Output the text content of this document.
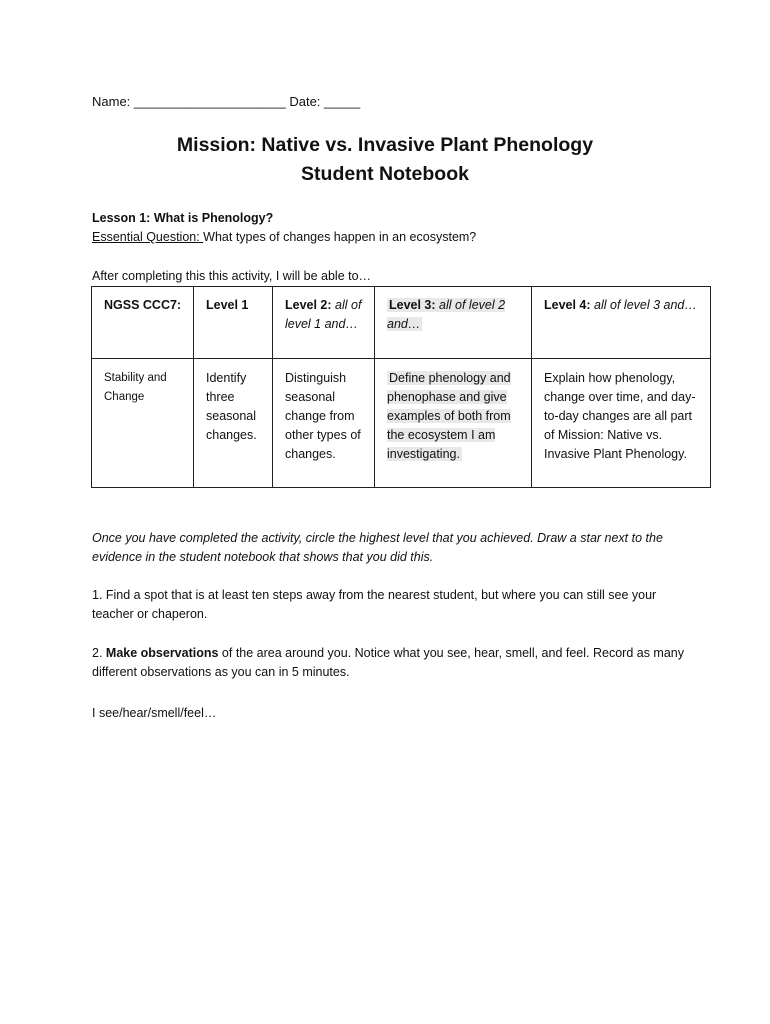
Name: _____________________ Date: _____
Mission: Native vs. Invasive Plant Phenology
Student Notebook
Lesson 1: What is Phenology?
Essential Question: What types of changes happen in an ecosystem?
After completing this this activity, I will be able to…
NGSS CCC7:	Level 1	Level 2: all of level 1 and…	Level 3: all of level 2 and…	Level 4: all of level 3 and…
Stability and Change	Identify three seasonal changes.	Distinguish seasonal change from other types of changes.	Define phenology and phenophase and give examples of both from the ecosystem I am investigating.	Explain how phenology, change over time, and day-to-day changes are all part of Mission: Native vs. Invasive Plant Phenology.
Once you have completed the activity, circle the highest level that you achieved. Draw a star next to the evidence in the student notebook that shows that you did this.
1. Find a spot that is at least ten steps away from the nearest student, but where you can still see your teacher or chaperon.
2. Make observations of the area around you. Notice what you see, hear, smell, and feel. Record as many different observations as you can in 5 minutes.
I see/hear/smell/feel…
